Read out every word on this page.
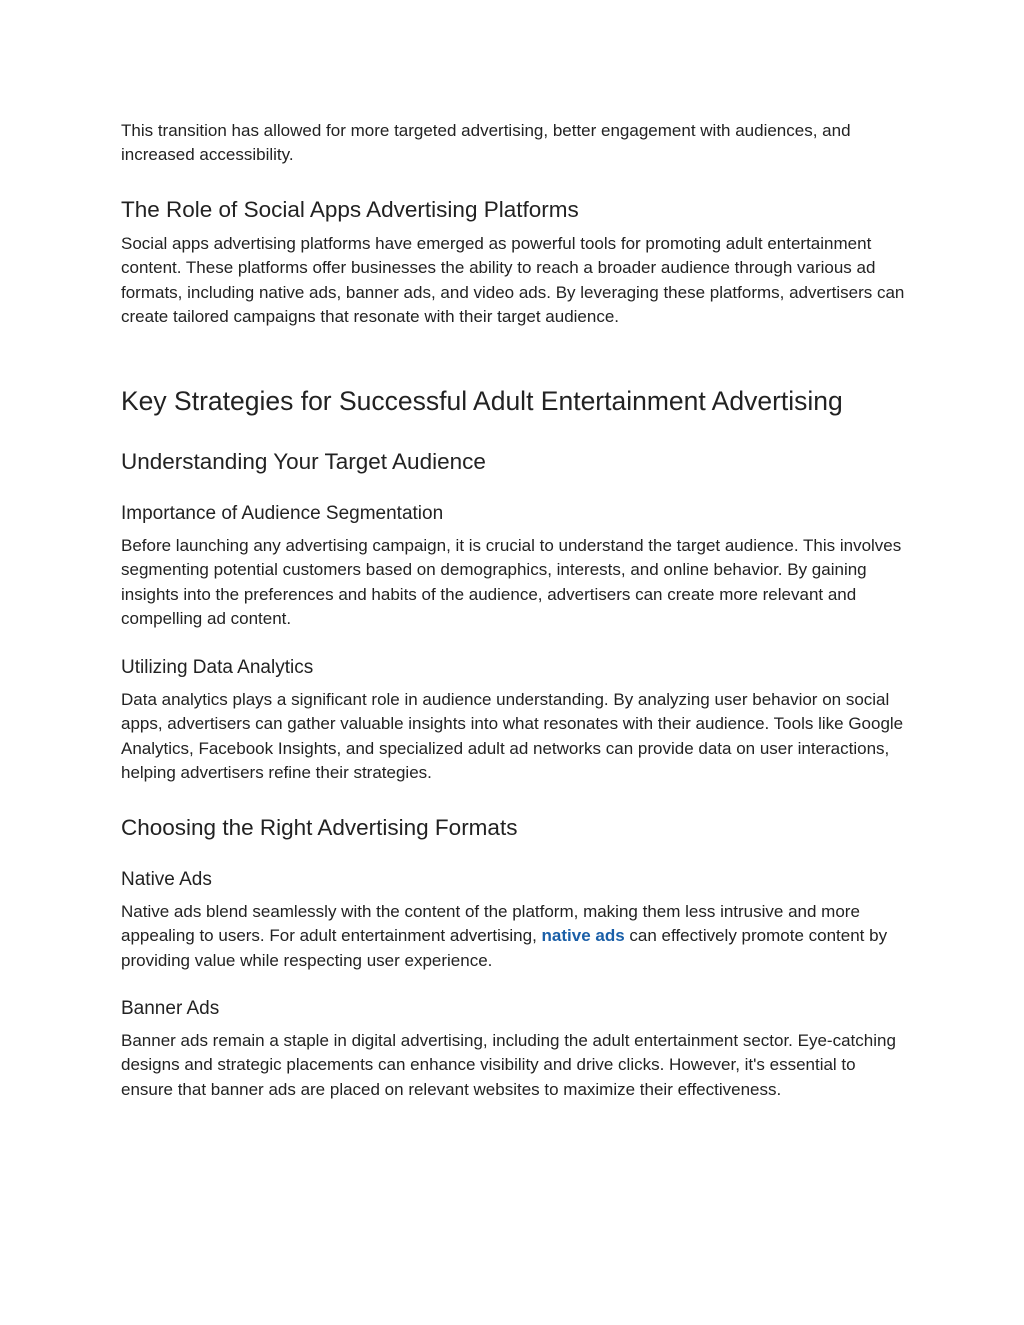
This transition has allowed for more targeted advertising, better engagement with audiences, and increased accessibility.

The Role of Social Apps Advertising Platforms

Social apps advertising platforms have emerged as powerful tools for promoting adult entertainment content. These platforms offer businesses the ability to reach a broader audience through various ad formats, including native ads, banner ads, and video ads. By leveraging these platforms, advertisers can create tailored campaigns that resonate with their target audience.

Key Strategies for Successful Adult Entertainment Advertising
Understanding Your Target Audience
Importance of Audience Segmentation

Before launching any advertising campaign, it is crucial to understand the target audience. This involves segmenting potential customers based on demographics, interests, and online behavior. By gaining insights into the preferences and habits of the audience, advertisers can create more relevant and compelling ad content.

Utilizing Data Analytics

Data analytics plays a significant role in audience understanding. By analyzing user behavior on social apps, advertisers can gather valuable insights into what resonates with their audience. Tools like Google Analytics, Facebook Insights, and specialized adult ad networks can provide data on user interactions, helping advertisers refine their strategies.

Choosing the Right Advertising Formats
Native Ads

Native ads blend seamlessly with the content of the platform, making them less intrusive and more appealing to users. For adult entertainment advertising, native ads can effectively promote content by providing value while respecting user experience.

Banner Ads

Banner ads remain a staple in digital advertising, including the adult entertainment sector. Eye-catching designs and strategic placements can enhance visibility and drive clicks. However, it's essential to ensure that banner ads are placed on relevant websites to maximize their effectiveness.
